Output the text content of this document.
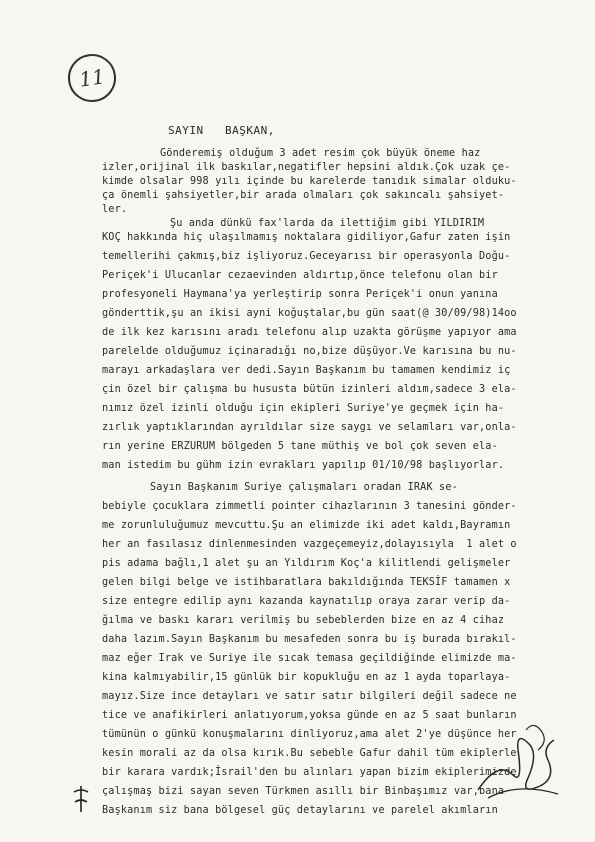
11
SAYIN   BAŞKAN,
Gönderemiş olduğum 3 adet resim çok büyük öneme haz
izler,orijinal ilk baskılar,negatifler hepsini aldık.Çok uzak çe-
kimde olsalar 998 yılı içinde bu karelerde tanıdık simalar olduku-
ça önemli şahsiyetler,bir arada olmaları çok sakıncalı şahsiyet-
ler.
Şu anda dünkü fax'larda da ilettiğim gibi YILDIRIM
KOÇ hakkında hiç ulaşılmamış noktalara gidiliyor,Gafur zaten işin
temellerihi çakmış,biz işliyoruz.Geceyarısı bir operasyonla Doğu-
Periçek'i Ulucanlar cezaevinden aldırtıp,önce telefonu olan bir
profesyoneli Haymana'ya yerleştirip sonra Periçek'i onun yanına
gönderttik,şu an ikisi ayni koğuştalar,bu gün saat(@ 30/09/98)14oo
de ilk kez karısını aradı telefonu alıp uzakta görüşme yapıyor ama
parelelde olduğumuz içinaradığı no,bize düşüyor.Ve karısına bu nu-
marayı arkadaşlara ver dedi.Sayın Başkanım bu tamamen kendimiz iç
çin özel bir çalışma bu hususta bütün izinleri aldım,sadece 3 ela-
nımız özel izinli olduğu için ekipleri Suriye'ye geçmek için ha-
zırlık yaptıklarından ayrıldılar size saygı ve selamları var,onla-
rın yerine ERZURUM bölgeden 5 tane müthiş ve bol çok seven ela-
man istedim bu gühm izin evrakları yapılıp 01/10/98 başlıyorlar.
Sayın Başkanım Suriye çalışmaları oradan IRAK se-
bebiyle çocuklara zimmetli pointer cihazlarının 3 tanesini gönder-
me zorunluluğumuz mevcuttu.Şu an elimizde iki adet kaldı,Bayramın
her an fasılasız dinlenmesinden vazgeçemeyiz,dolayısıyla  1 alet o
pis adama bağlı,1 alet şu an Yıldırım Koç'a kilitlendi gelişmeler
gelen bilgi belge ve istihbaratlara bakıldığında TEKSİF tamamen x
size entegre edilip aynı kazanda kaynatılıp oraya zarar verip da-
ğılma ve baskı kararı verilmiş bu sebeblerden bize en az 4 cihaz
daha lazım.Sayın Başkanım bu mesafeden sonra bu iş burada bırakıl-
maz eğer Irak ve Suriye ile sıcak temasa geçildiğinde elimizde ma-
kina kalmıyabilir,15 günlük bir kopukluğu en az 1 ayda toparlaya-
mayız.Size ince detayları ve satır satır bilgileri değil sadece ne
tice ve anafikirleri anlatıyorum,yoksa günde en az 5 saat bunların
tümünün o günkü konuşmalarını dinliyoruz,ama alet 2'ye düşünce her
kesin morali az da olsa kırık.Bu sebeble Gafur dahil tüm ekiplerle
bir karara vardık;İsrail'den bu alınları yapan bizim ekiplerimizde
çalışmaş bizi sayan seven Türkmen asıllı bir Binbaşımız var,bana
Başkanım siz bana bölgesel güç detaylarını ve parelel akımların
